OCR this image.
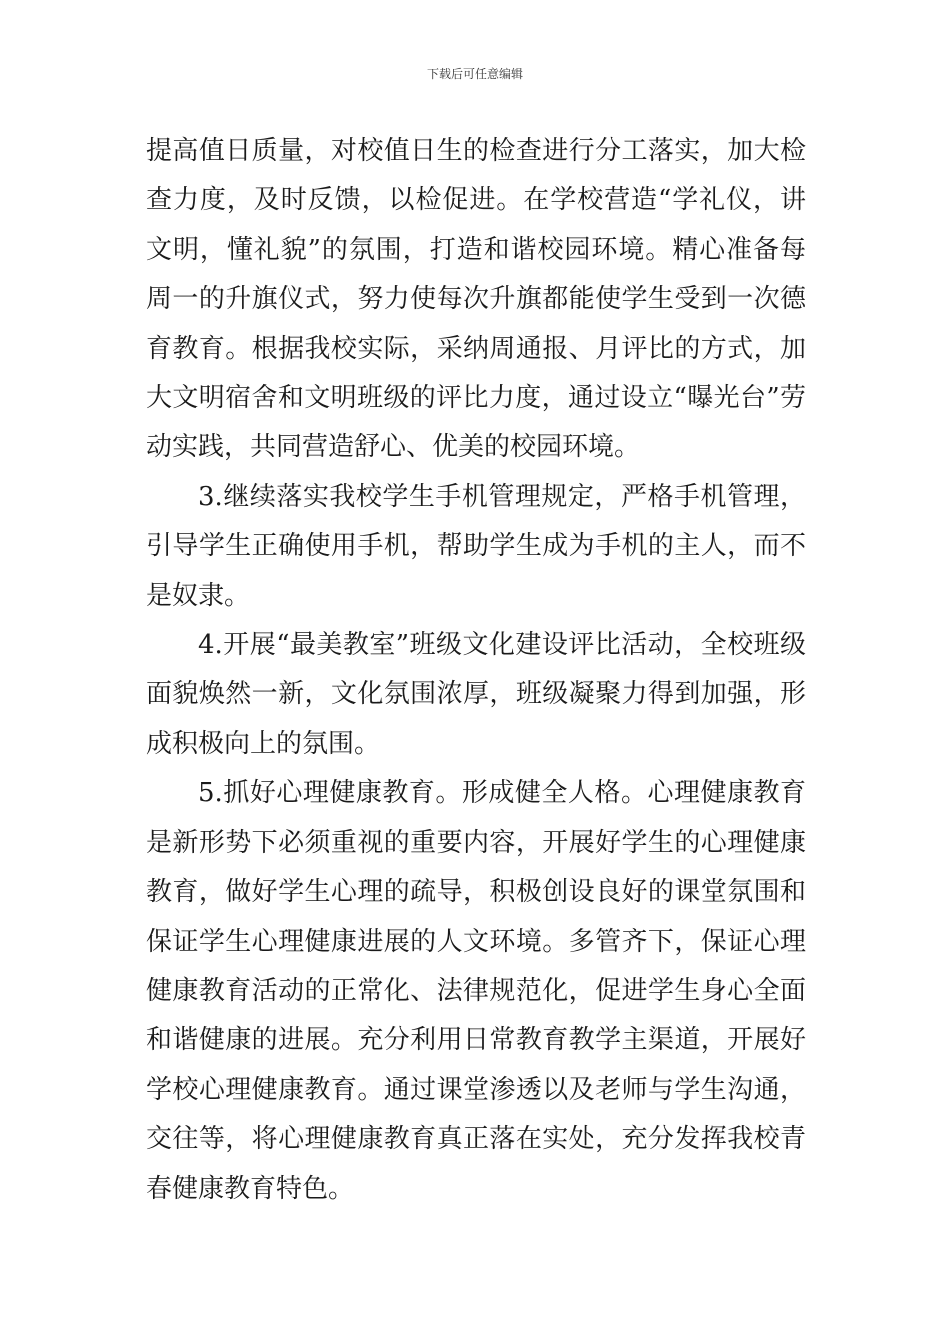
下载后可任意编辑

提高值日质量，对校值日生的检查进行分工落实，加大检查力度，及时反馈，以检促进。在学校营造“学礼仪，讲文明，懂礼貌”的氛围，打造和谐校园环境。精心准备每周一的升旗仪式，努力使每次升旗都能使学生受到一次德育教育。根据我校实际，采纳周通报、月评比的方式，加大文明宿舍和文明班级的评比力度，通过设立“曝光台”劳动实践，共同营造舒心、优美的校园环境。

3.继续落实我校学生手机管理规定，严格手机管理，引导学生正确使用手机，帮助学生成为手机的主人，而不是奴隶。

4.开展“最美教室”班级文化建设评比活动，全校班级面貌焕然一新，文化氛围浓厚，班级凝聚力得到加强，形成积极向上的氛围。

5.抓好心理健康教育。形成健全人格。心理健康教育是新形势下必须重视的重要内容，开展好学生的心理健康教育，做好学生心理的疏导，积极创设良好的课堂氛围和保证学生心理健康进展的人文环境。多管齐下，保证心理健康教育活动的正常化、法律规范化，促进学生身心全面和谐健康的进展。充分利用日常教育教学主渠道，开展好学校心理健康教育。通过课堂渗透以及老师与学生沟通，交往等，将心理健康教育真正落在实处，充分发挥我校青春健康教育特色。
